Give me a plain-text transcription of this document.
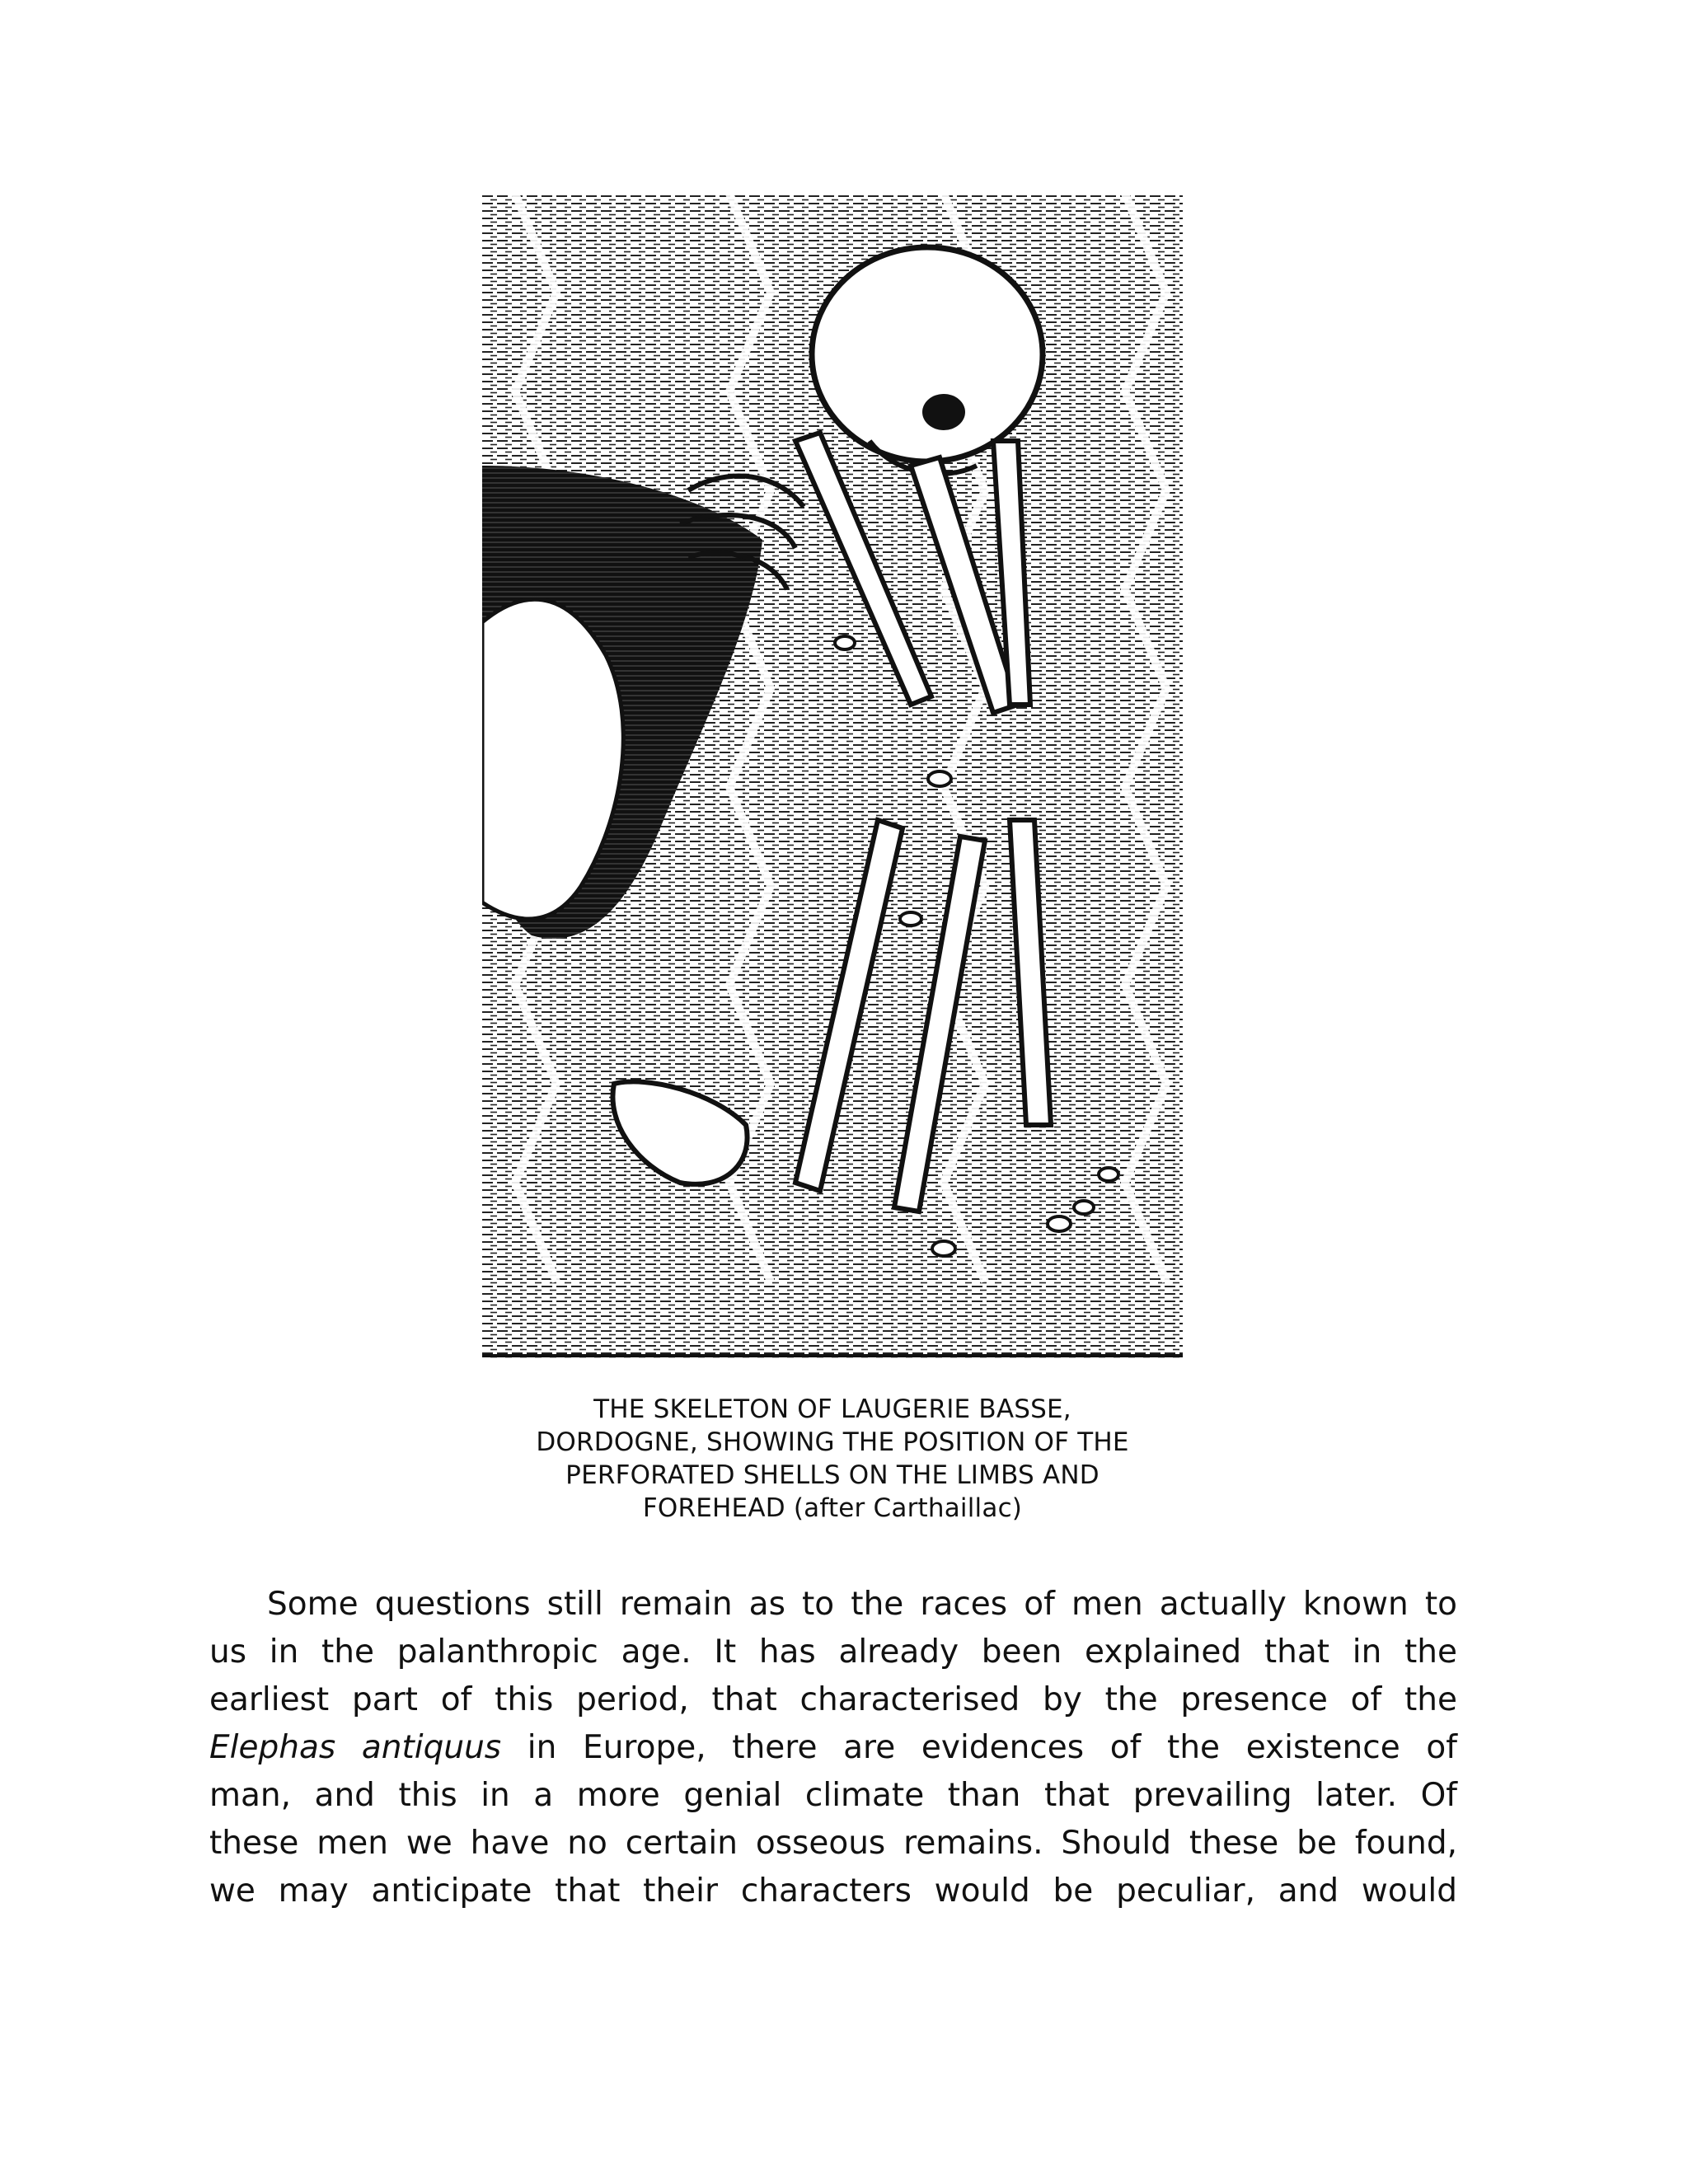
THE SKELETON OF LAUGERIE BASSE,
DORDOGNE, SHOWING THE POSITION OF THE
PERFORATED SHELLS ON THE LIMBS AND
FOREHEAD (after Carthaillac)
Some questions still remain as to the races of men actually known to
us in the palanthropic age. It has already been explained that in the
earliest part of this period, that characterised by the presence of the
Elephas antiquus in Europe, there are evidences of the existence of
man, and this in a more genial climate than that prevailing later. Of
these men we have no certain osseous remains. Should these be found,
we may anticipate that their characters would be peculiar, and would
